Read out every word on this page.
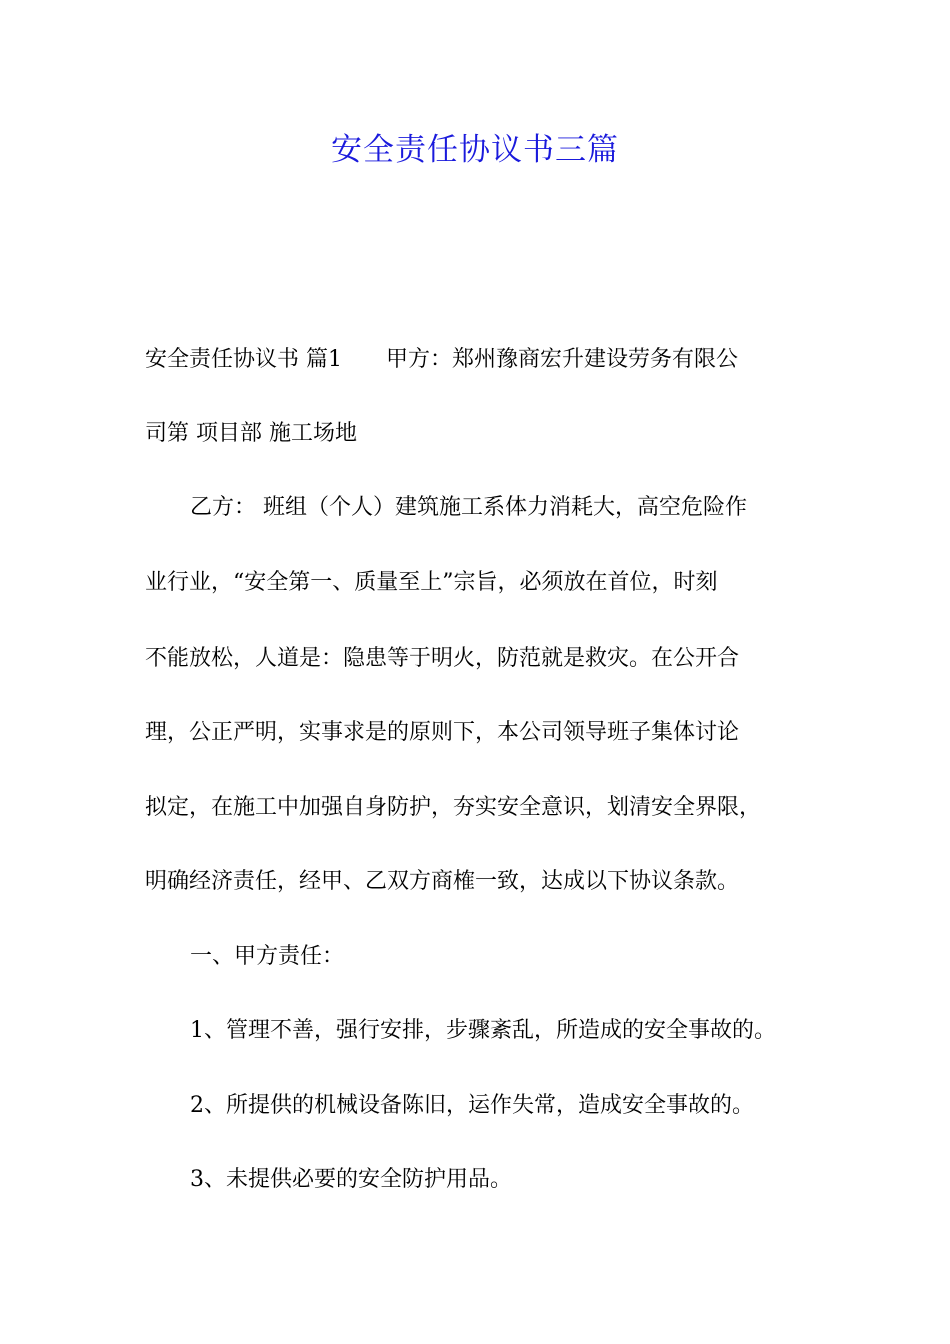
安全责任协议书三篇

安全责任协议书 篇1 甲方：郑州豫商宏升建设劳务有限公

司第 项目部 施工场地

乙方： 班组（个人）建筑施工系体力消耗大，高空危险作

业行业，“安全第一、质量至上”宗旨，必须放在首位，时刻

不能放松，人道是：隐患等于明火，防范就是救灾。在公开合

理，公正严明，实事求是的原则下，本公司领导班子集体讨论

拟定，在施工中加强自身防护，夯实安全意识，划清安全界限，

明确经济责任，经甲、乙双方商榷一致，达成以下协议条款。

一、甲方责任：

1、管理不善，强行安排，步骤紊乱，所造成的安全事故的。

2、所提供的机械设备陈旧，运作失常，造成安全事故的。

3、未提供必要的安全防护用品。
